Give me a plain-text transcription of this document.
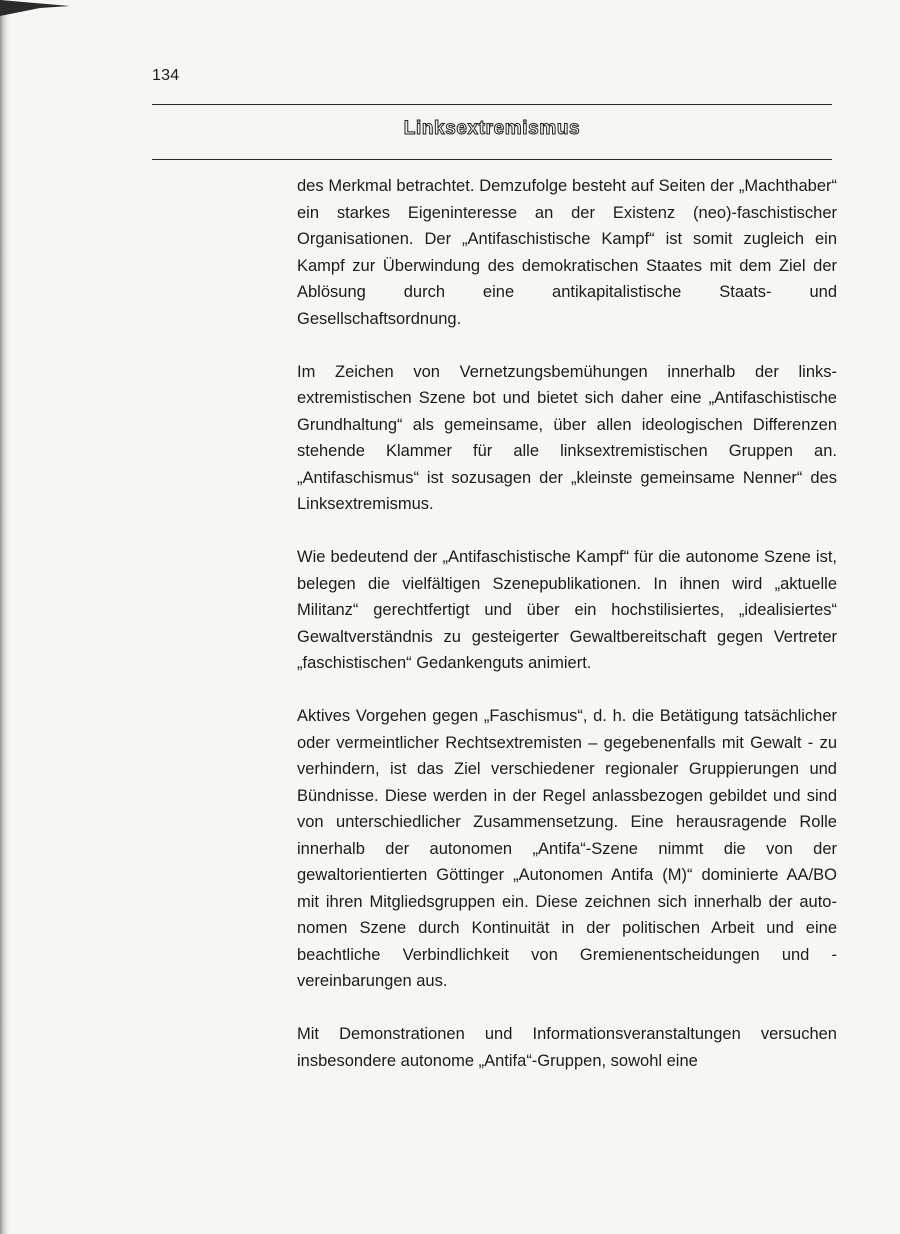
134
Linksextremismus

des Merkmal betrachtet. Demzufolge besteht auf Seiten der „Machthaber“ ein starkes Eigeninteresse an der Existenz (neo)-faschistischer Organisationen. Der „Antifaschistische Kampf“ ist somit zugleich ein Kampf zur Überwindung des demokratischen Staates mit dem Ziel der Ablösung durch eine antikapitalistische Staats- und Gesellschaftsordnung.

Im Zeichen von Vernetzungsbemühungen innerhalb der linksextremistischen Szene bot und bietet sich daher eine „Antifaschistische Grundhaltung“ als gemeinsame, über allen ideologischen Differenzen stehende Klammer für alle linksextremistischen Gruppen an. „Antifaschismus“ ist sozusagen der „kleinste gemeinsame Nenner“ des Linksextremismus.

Wie bedeutend der „Antifaschistische Kampf“ für die autonome Szene ist, belegen die vielfältigen Szenepublikationen. In ihnen wird „aktuelle Militanz“ gerechtfertigt und über ein hochstilisiertes, „idealisiertes“ Gewaltverständnis zu gesteigerter Gewaltbereitschaft gegen Vertreter „faschistischen“ Gedankenguts animiert.

Aktives Vorgehen gegen „Faschismus“, d. h. die Betätigung tatsächlicher oder vermeintlicher Rechtsextremisten – gegebenenfalls mit Gewalt - zu verhindern, ist das Ziel verschiedener regionaler Gruppierungen und Bündnisse. Diese werden in der Regel anlassbezogen gebildet und sind von unterschiedlicher Zusammensetzung. Eine herausragende Rolle innerhalb der autonomen „Antifa“-Szene nimmt die von der gewaltorientierten Göttinger „Autonomen Antifa (M)“ dominierte AA/BO mit ihren Mitgliedsgruppen ein. Diese zeichnen sich innerhalb der autonomen Szene durch Kontinuität in der politischen Arbeit und eine beachtliche Verbindlichkeit von Gremienentscheidungen und -vereinbarungen aus.

Mit Demonstrationen und Informationsveranstaltungen versuchen insbesondere autonome „Antifa“-Gruppen, sowohl eine
